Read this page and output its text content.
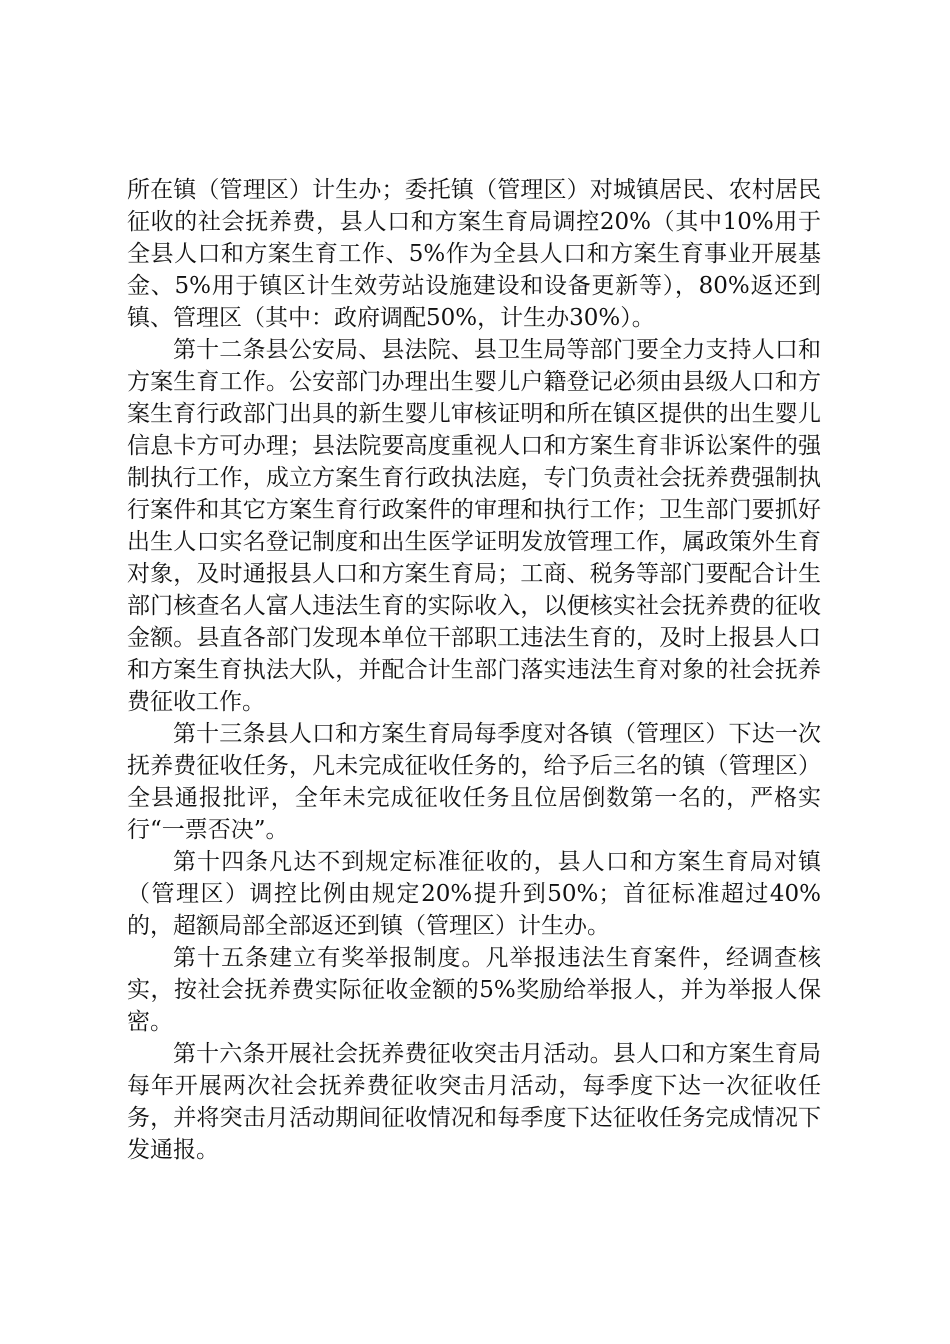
所在镇（管理区）计生办；委托镇（管理区）对城镇居民、农村居民征收的社会抚养费，县人口和方案生育局调控20%（其中10%用于全县人口和方案生育工作、5%作为全县人口和方案生育事业开展基金、5%用于镇区计生效劳站设施建设和设备更新等），80%返还到镇、管理区（其中：政府调配50%，计生办30%）。

第十二条县公安局、县法院、县卫生局等部门要全力支持人口和方案生育工作。公安部门办理出生婴儿户籍登记必须由县级人口和方案生育行政部门出具的新生婴儿审核证明和所在镇区提供的出生婴儿信息卡方可办理；县法院要高度重视人口和方案生育非诉讼案件的强制执行工作，成立方案生育行政执法庭，专门负责社会抚养费强制执行案件和其它方案生育行政案件的审理和执行工作；卫生部门要抓好出生人口实名登记制度和出生医学证明发放管理工作，属政策外生育对象，及时通报县人口和方案生育局；工商、税务等部门要配合计生部门核查名人富人违法生育的实际收入，以便核实社会抚养费的征收金额。县直各部门发现本单位干部职工违法生育的，及时上报县人口和方案生育执法大队，并配合计生部门落实违法生育对象的社会抚养费征收工作。

第十三条县人口和方案生育局每季度对各镇（管理区）下达一次抚养费征收任务，凡未完成征收任务的，给予后三名的镇（管理区）全县通报批评，全年未完成征收任务且位居倒数第一名的，严格实行“一票否决”。

第十四条凡达不到规定标准征收的，县人口和方案生育局对镇（管理区）调控比例由规定20%提升到50%；首征标准超过40%的，超额局部全部返还到镇（管理区）计生办。

第十五条建立有奖举报制度。凡举报违法生育案件，经调查核实，按社会抚养费实际征收金额的5%奖励给举报人，并为举报人保密。

第十六条开展社会抚养费征收突击月活动。县人口和方案生育局每年开展两次社会抚养费征收突击月活动，每季度下达一次征收任务，并将突击月活动期间征收情况和每季度下达征收任务完成情况下发通报。
